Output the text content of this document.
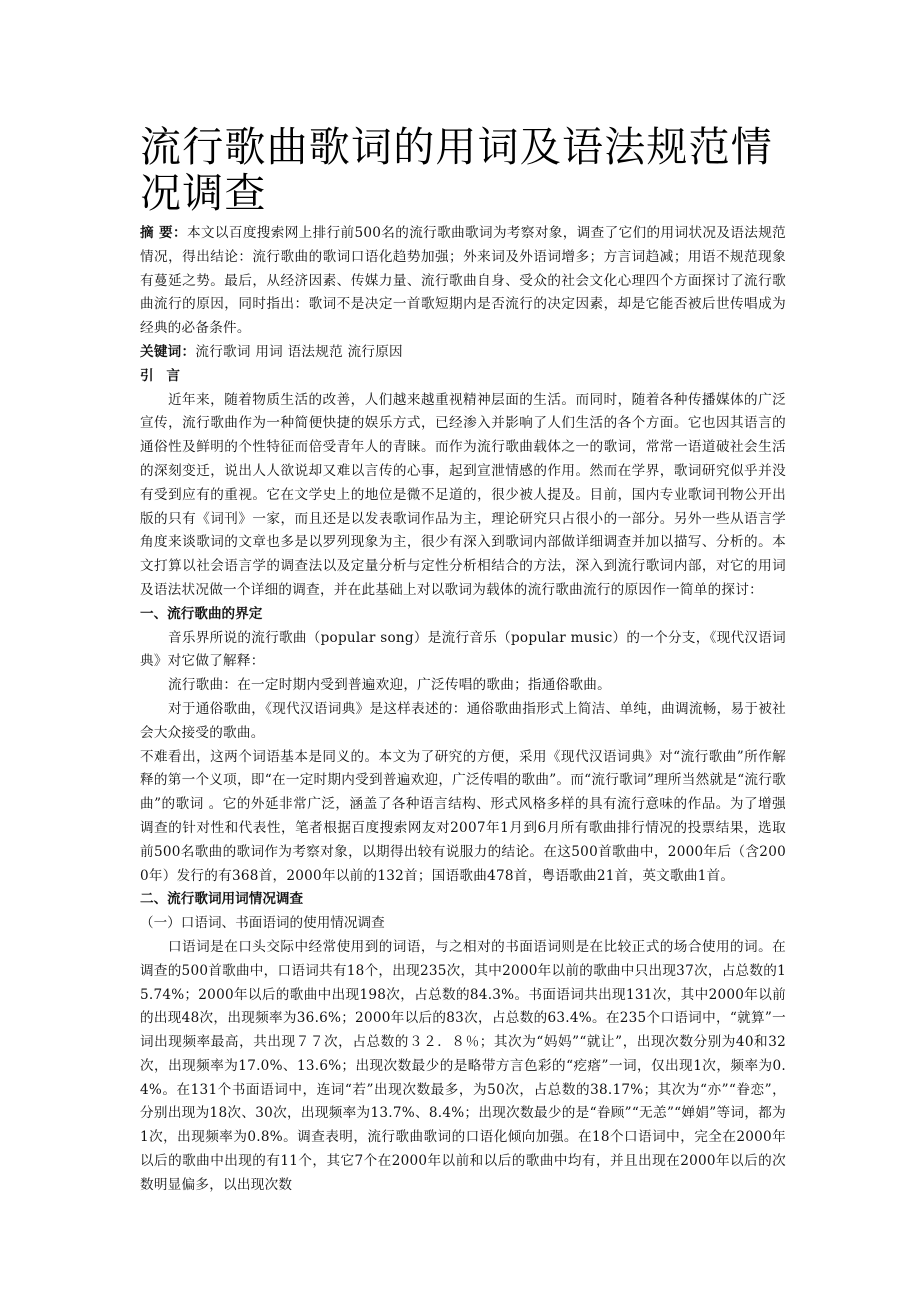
流行歌曲歌词的用词及语法规范情况调查

摘 要：本文以百度搜索网上排行前500名的流行歌曲歌词为考察对象，调查了它们的用词状况及语法规范情况，得出结论：流行歌曲的歌词口语化趋势加强；外来词及外语词增多；方言词趋减；用语不规范现象有蔓延之势。最后，从经济因素、传媒力量、流行歌曲自身、受众的社会文化心理四个方面探讨了流行歌曲流行的原因，同时指出：歌词不是决定一首歌短期内是否流行的决定因素，却是它能否被后世传唱成为经典的必备条件。

关键词：流行歌词 用词 语法规范 流行原因

引 言

近年来，随着物质生活的改善，人们越来越重视精神层面的生活。而同时，随着各种传播媒体的广泛宣传，流行歌曲作为一种简便快捷的娱乐方式，已经渗入并影响了人们生活的各个方面。它也因其语言的通俗性及鲜明的个性特征而倍受青年人的青睐。而作为流行歌曲载体之一的歌词，常常一语道破社会生活的深刻变迁，说出人人欲说却又难以言传的心事，起到宣泄情感的作用。然而在学界，歌词研究似乎并没有受到应有的重视。它在文学史上的地位是微不足道的，很少被人提及。目前，国内专业歌词刊物公开出版的只有《词刊》一家，而且还是以发表歌词作品为主，理论研究只占很小的一部分。另外一些从语言学角度来谈歌词的文章也多是以罗列现象为主，很少有深入到歌词内部做详细调查并加以描写、分析的。本文打算以社会语言学的调查法以及定量分析与定性分析相结合的方法，深入到流行歌词内部，对它的用词及语法状况做一个详细的调查，并在此基础上对以歌词为载体的流行歌曲流行的原因作一简单的探讨：

一、流行歌曲的界定

音乐界所说的流行歌曲（popular song）是流行音乐（popular music）的一个分支，《现代汉语词典》对它做了解释：

流行歌曲：在一定时期内受到普遍欢迎，广泛传唱的歌曲；指通俗歌曲。

对于通俗歌曲，《现代汉语词典》是这样表述的：通俗歌曲指形式上简洁、单纯，曲调流畅，易于被社会大众接受的歌曲。

不难看出，这两个词语基本是同义的。本文为了研究的方便，采用《现代汉语词典》对“流行歌曲”所作解释的第一个义项，即“在一定时期内受到普遍欢迎，广泛传唱的歌曲”。而“流行歌词”理所当然就是“流行歌曲”的歌词 。它的外延非常广泛，涵盖了各种语言结构、形式风格多样的具有流行意味的作品。为了增强调查的针对性和代表性，笔者根据百度搜索网友对2007年1月到6月所有歌曲排行情况的投票结果，选取前500名歌曲的歌词作为考察对象，以期得出较有说服力的结论。在这500首歌曲中，2000年后（含2000年）发行的有368首，2000年以前的132首；国语歌曲478首，粤语歌曲21首，英文歌曲1首。

二、流行歌词用词情况调查

（一）口语词、书面语词的使用情况调查

口语词是在口头交际中经常使用到的词语，与之相对的书面语词则是在比较正式的场合使用的词。在调查的500首歌曲中，口语词共有18个，出现235次，其中2000年以前的歌曲中只出现37次，占总数的15.74%；2000年以后的歌曲中出现198次，占总数的84.3%。书面语词共出现131次，其中2000年以前的出现48次，出现频率为36.6%；2000年以后的83次，占总数的63.4%。在235个口语词中，“就算”一词出现频率最高，共出现７７次，占总数的３２．８％；其次为“妈妈”“就让”，出现次数分别为40和32次，出现频率为17.0%、13.6%；出现次数最少的是略带方言色彩的“疙瘩”一词，仅出现1次，频率为0.4%。在131个书面语词中，连词“若”出现次数最多，为50次，占总数的38.17%；其次为“亦”“眷恋”，分别出现为18次、30次，出现频率为13.7%、8.4%；出现次数最少的是“眷顾”“无恙”“婵娟”等词，都为1次，出现频率为0.8%。调查表明，流行歌曲歌词的口语化倾向加强。在18个口语词中，完全在2000年以后的歌曲中出现的有11个，其它7个在2000年以前和以后的歌曲中均有，并且出现在2000年以后的次数明显偏多，以出现次数
